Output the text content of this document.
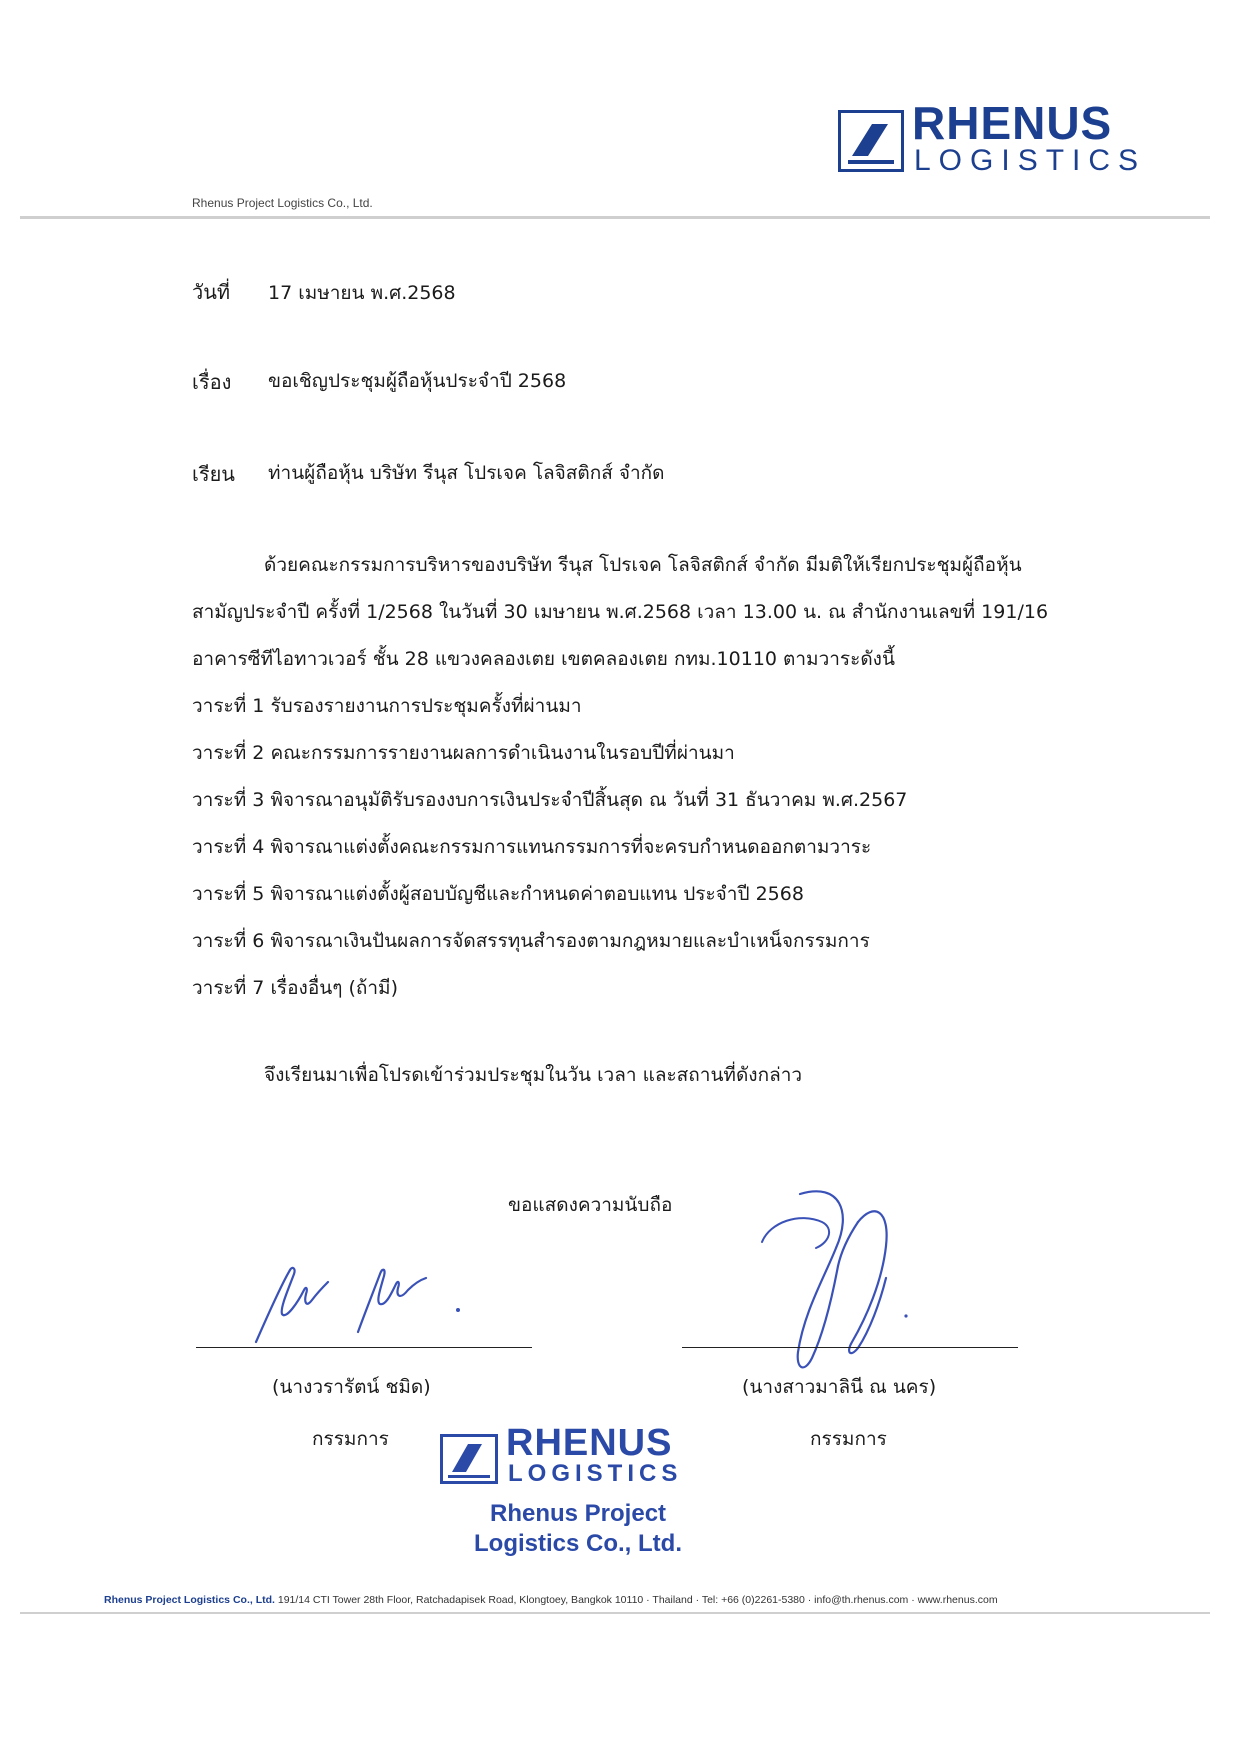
RHENUS
LOGISTICS
Rhenus Project Logistics Co., Ltd.
วันที่ 17 เมษายน พ.ศ.2568
เรื่อง ขอเชิญประชุมผู้ถือหุ้นประจำปี 2568
เรียน ท่านผู้ถือหุ้น บริษัท รีนุส โปรเจค โลจิสติกส์ จำกัด
ด้วยคณะกรรมการบริหารของบริษัท รีนุส โปรเจค โลจิสติกส์ จำกัด มีมติให้เรียกประชุมผู้ถือหุ้น
สามัญประจำปี ครั้งที่ 1/2568 ในวันที่ 30 เมษายน พ.ศ.2568 เวลา 13.00 น. ณ สำนักงานเลขที่ 191/16
อาคารซีทีไอทาวเวอร์ ชั้น 28 แขวงคลองเตย เขตคลองเตย กทม.10110 ตามวาระดังนี้
วาระที่ 1 รับรองรายงานการประชุมครั้งที่ผ่านมา
วาระที่ 2 คณะกรรมการรายงานผลการดำเนินงานในรอบปีที่ผ่านมา
วาระที่ 3 พิจารณาอนุมัติรับรองงบการเงินประจำปีสิ้นสุด ณ วันที่ 31 ธันวาคม พ.ศ.2567
วาระที่ 4 พิจารณาแต่งตั้งคณะกรรมการแทนกรรมการที่จะครบกำหนดออกตามวาระ
วาระที่ 5 พิจารณาแต่งตั้งผู้สอบบัญชีและกำหนดค่าตอบแทน ประจำปี 2568
วาระที่ 6 พิจารณาเงินปันผลการจัดสรรทุนสำรองตามกฎหมายและบำเหน็จกรรมการ
วาระที่ 7 เรื่องอื่นๆ (ถ้ามี)
จึงเรียนมาเพื่อโปรดเข้าร่วมประชุมในวัน เวลา และสถานที่ดังกล่าว
ขอแสดงความนับถือ
(นางวรารัตน์ ชมิด)
กรรมการ
(นางสาวมาลินี ณ นคร)
กรรมการ
RHENUS
LOGISTICS
Rhenus Project
Logistics Co., Ltd.
Rhenus Project Logistics Co., Ltd. 191/14 CTI Tower 28th Floor, Ratchadapisek Road, Klongtoey, Bangkok 10110 · Thailand · Tel: +66 (0)2261-5380 · info@th.rhenus.com · www.rhenus.com
